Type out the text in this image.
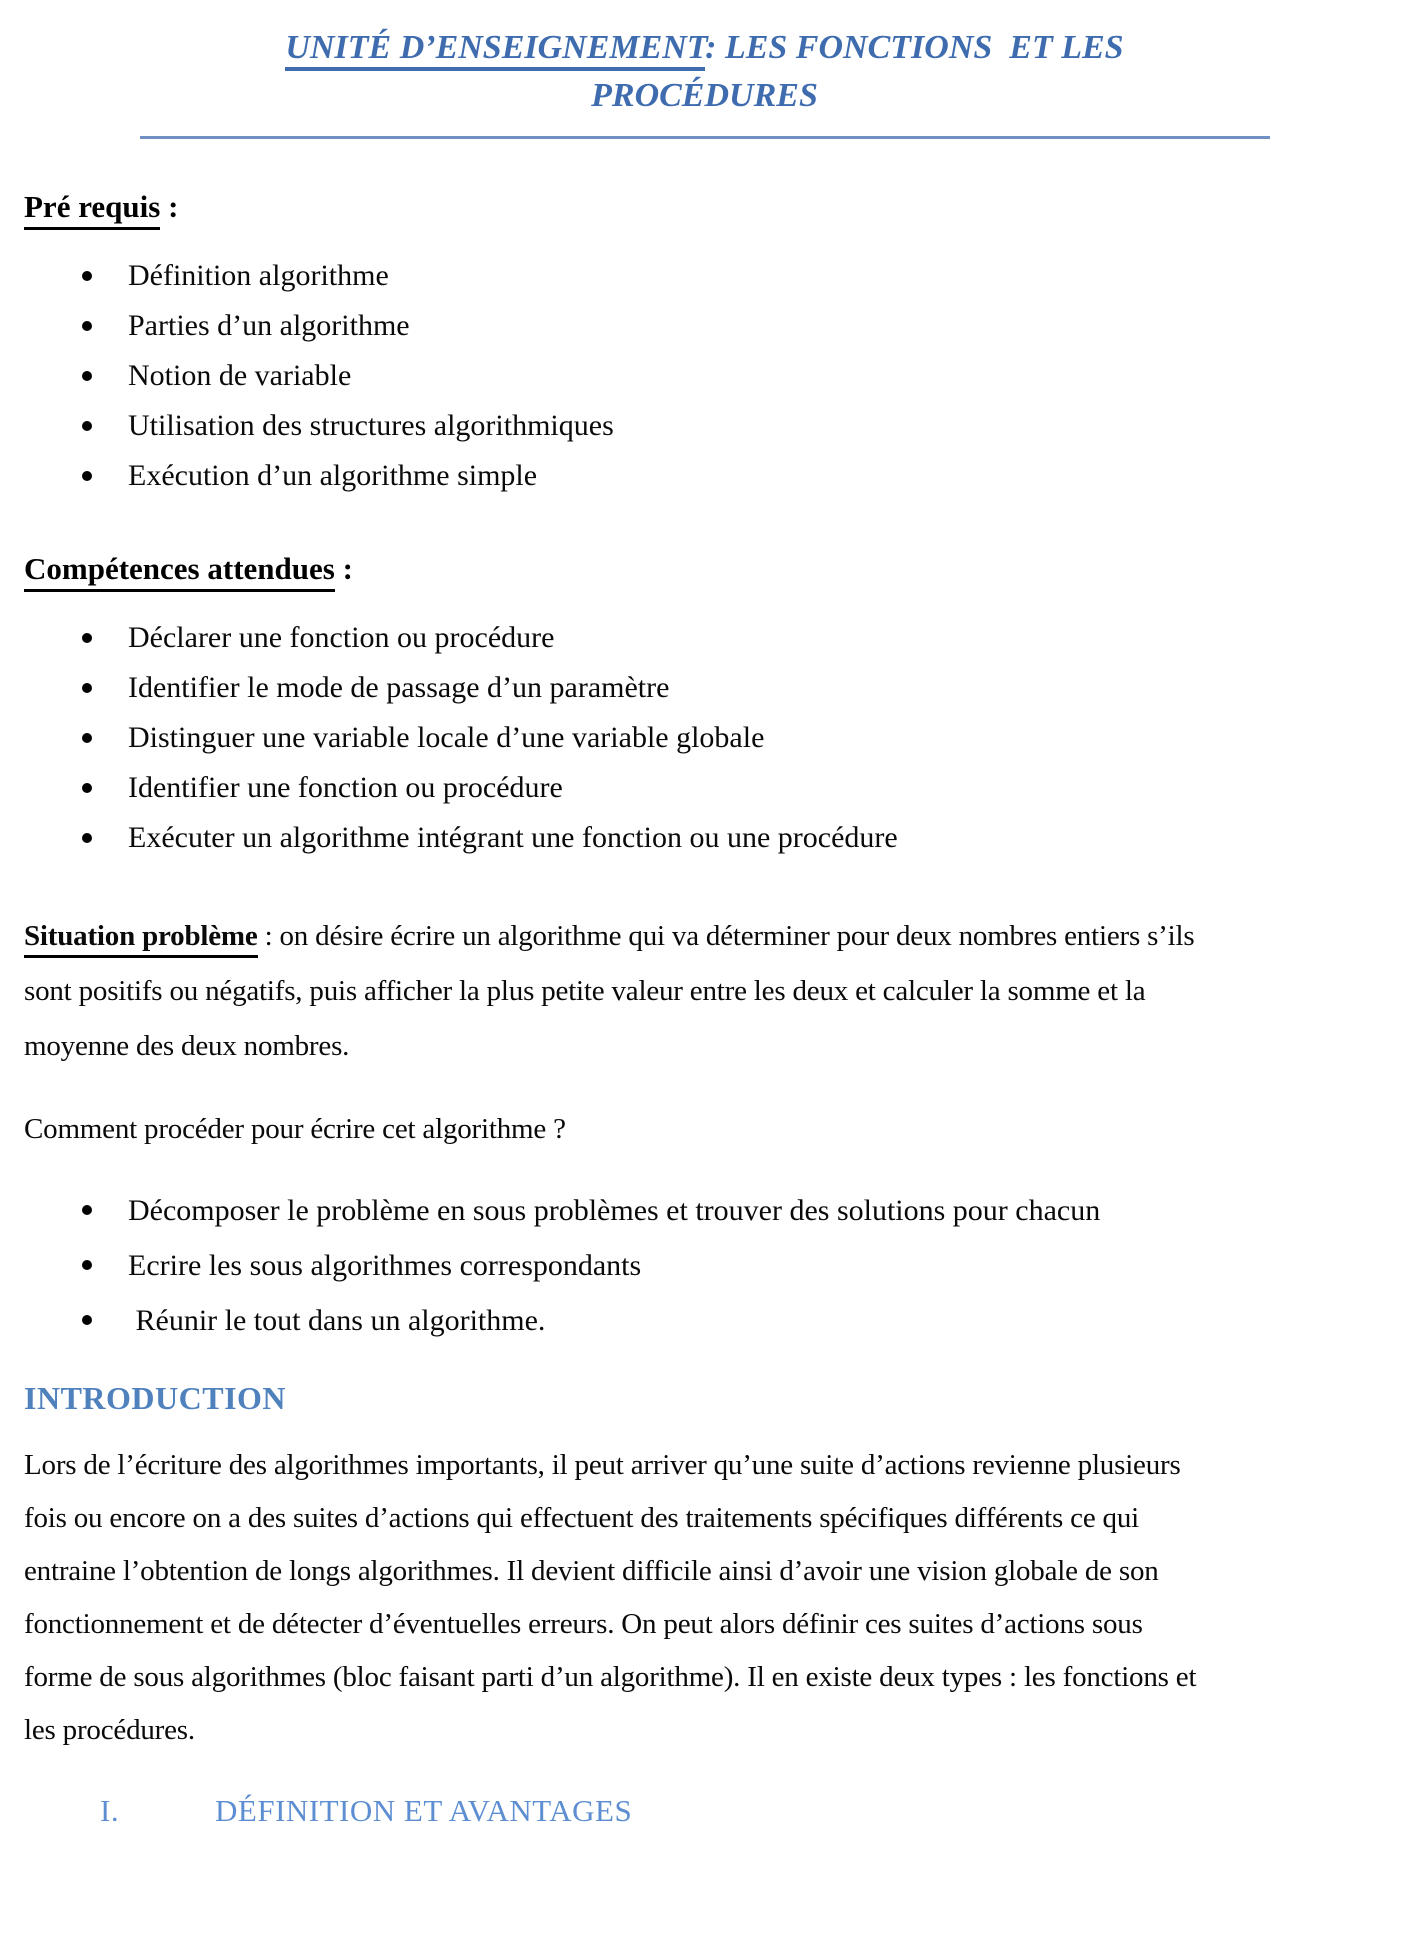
UNITÉ D’ENSEIGNEMENT: LES FONCTIONS  ET LES
PROCÉDURES
Pré requis :
Définition algorithme
Parties d’un algorithme
Notion de variable
Utilisation des structures algorithmiques
Exécution d’un algorithme simple
Compétences attendues :
Déclarer une fonction ou procédure
Identifier le mode de passage d’un paramètre
Distinguer une variable locale d’une variable globale
Identifier une fonction ou procédure
Exécuter un algorithme intégrant une fonction ou une procédure

Situation problème : on désire écrire un algorithme qui va déterminer pour deux nombres entiers s’ils sont positifs ou négatifs, puis afficher la plus petite valeur entre les deux et calculer la somme et la moyenne des deux nombres.

Comment procéder pour écrire cet algorithme ?

Décomposer le problème en sous problèmes et trouver des solutions pour chacun
Ecrire les sous algorithmes correspondants
Réunir le tout dans un algorithme.
INTRODUCTION

Lors de l’écriture des algorithmes importants, il peut arriver qu’une suite d’actions revienne plusieurs fois ou encore on a des suites d’actions qui effectuent des traitements spécifiques différents ce qui entraine l’obtention de longs algorithmes. Il devient difficile ainsi d’avoir une vision globale de son fonctionnement et de détecter d’éventuelles erreurs. On peut alors définir ces suites d’actions sous forme de sous algorithmes (bloc faisant parti d’un algorithme). Il en existe deux types : les fonctions et les procédures.

I.	DÉFINITION ET AVANTAGES
